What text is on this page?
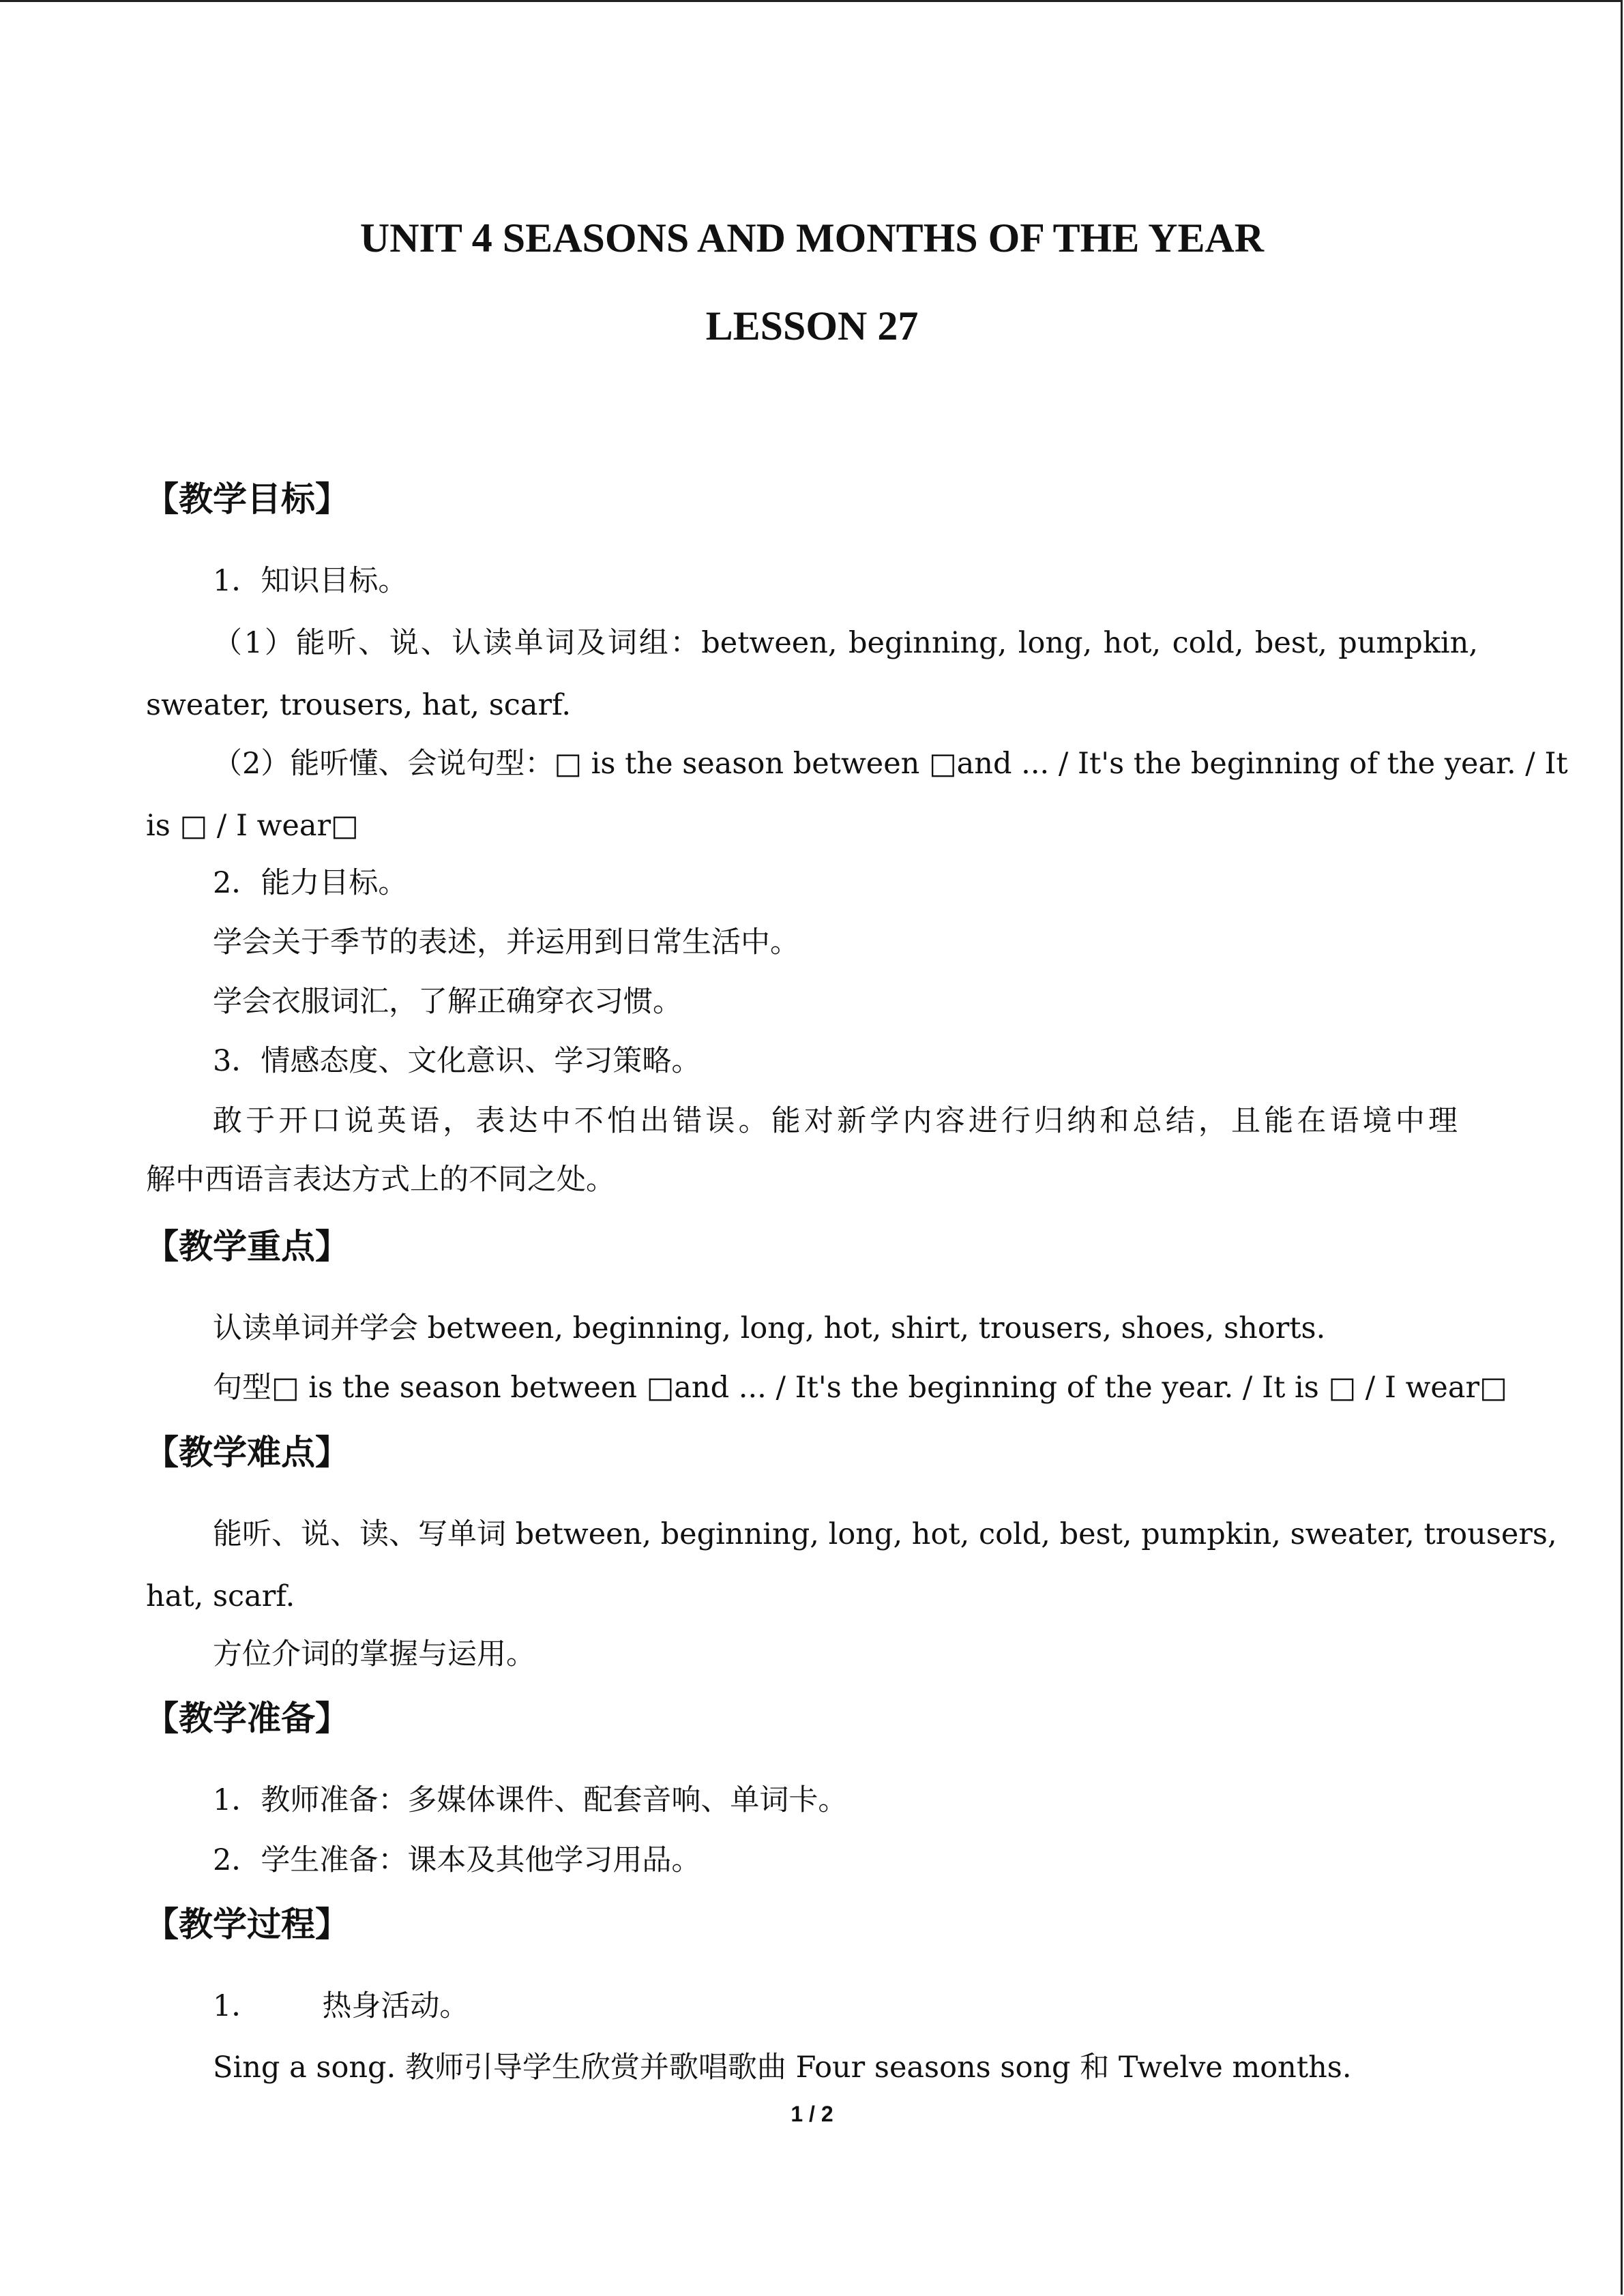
UNIT 4 SEASONS AND MONTHS OF THE YEAR
LESSON 27
【教学目标】
1．知识目标。
（1）能听、说、认读单词及词组：between, beginning, long, hot, cold, best, pumpkin,
sweater, trousers, hat, scarf.
（2）能听懂、会说句型：□ is the season between □and ... / It's the beginning of the year. / It
is □ / I wear□
2．能力目标。
学会关于季节的表述，并运用到日常生活中。
学会衣服词汇，了解正确穿衣习惯。
3．情感态度、文化意识、学习策略。
敢于开口说英语，表达中不怕出错误。能对新学内容进行归纳和总结，且能在语境中理
解中西语言表达方式上的不同之处。
【教学重点】
认读单词并学会 between, beginning, long, hot, shirt, trousers, shoes, shorts.
句型□ is the season between □and ... / It's the beginning of the year. / It is □ / I wear□
【教学难点】
能听、说、读、写单词 between, beginning, long, hot, cold, best, pumpkin, sweater, trousers,
hat, scarf.
方位介词的掌握与运用。
【教学准备】
1．教师准备：多媒体课件、配套音响、单词卡。
2．学生准备：课本及其他学习用品。
【教学过程】
1． 热身活动。
Sing a song. 教师引导学生欣赏并歌唱歌曲 Four seasons song 和 Twelve months.
1 / 2
